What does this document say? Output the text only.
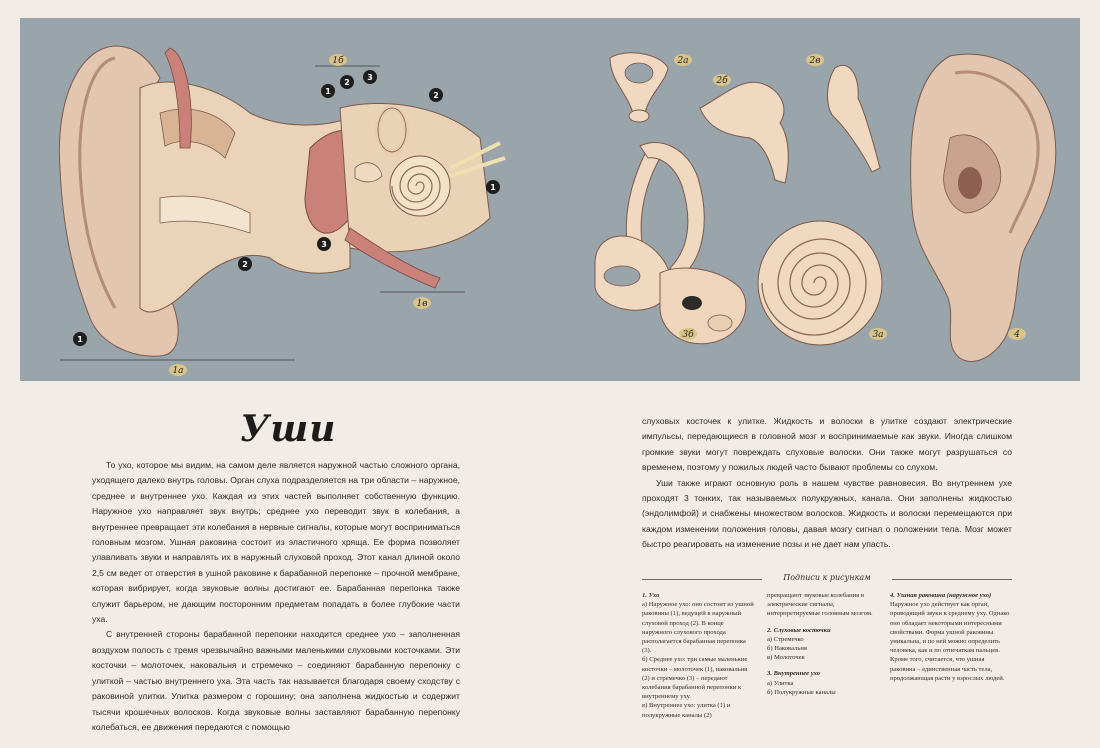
1
1
1
2
2
2
3
3
1a
1б
1в
2а
2б
2в
3б	3а	4
Уши

То ухо, которое мы видим, на самом деле является наружной частью сложного органа, уходящего далеко внутрь головы. Орган слуха подразделяется на три области – наружное, среднее и внутреннее ухо. Каждая из этих частей выполняет собственную функцию. Наружное ухо направляет звук внутрь; среднее ухо переводит звук в колебания, а внутреннее превращает эти колебания в нервные сигналы, которые могут восприниматься головным мозгом. Ушная раковина состоит из эластичного хряща. Ее форма позволяет улавливать звуки и направлять их в наружный слуховой проход. Этот канал длиной около 2,5 см ведет от отверстия в ушной раковине к барабанной перепонке – прочной мембране, которая вибрирует, когда звуковые волны достигают ее. Барабанная перепонка также служит барьером, не дающим посторонним предметам попадать в более глубокие части уха.

С внутренней стороны барабанной перепонки находится среднее ухо – заполненная воздухом полость с тремя чрезвычайно важными маленькими слуховыми косточками. Эти косточки – молоточек, наковальня и стремечко – соединяют барабанную перепонку с улиткой – частью внутреннего уха. Эта часть так называется благодаря своему сходству с раковиной улитки. Улитка размером с горошину; она заполнена жидкостью и содержит тысячи крошечных волосков. Когда звуковые волны заставляют барабанную перепонку колебаться, ее движения передаются с помощью

слуховых косточек к улитке. Жидкость и волоски в улитке создают электрические импульсы, передающиеся в головной мозг и воспринимаемые как звуки. Иногда слишком громкие звуки могут повреждать слуховые волоски. Они также могут разрушаться со временем, поэтому у пожилых людей часто бывают проблемы со слухом.

Уши также играют основную роль в нашем чувстве равновесия. Во внутреннем ухе проходят 3 тонких, так называемых полукружных, канала. Они заполнены жидкостью (эндолимфой) и снабжены множеством волосков. Жидкость и волоски перемещаются при каждом изменении положения головы, давая мозгу сигнал о положении тела. Мозг может быстро реагировать на изменение позы и не дает нам упасть.

Подписи к рисункам
1. Ухо
а) Наружное ухо: оно состоит из ушной раковины (1), ведущей в наружный слуховой проход (2). В конце наружного слухового прохода располагается барабанная перепонка (3).
б) Среднее ухо: три самые маленькие косточки – молоточек (1), наковальня (2) и стремечко (3) – передают колебания барабанной перепонки к внутреннему уху.
в) Внутреннее ухо: улитка (1) и полукружные каналы (2)
превращают звуковые колебания в электрические сигналы, интерпретируемые головным мозгом.
2. Слуховые косточки
а) Стремечко
б) Наковальня
в) Молоточек
3. Внутреннее ухо
а) Улитка
б) Полукружные каналы
4. Ушная раковина (наружное ухо)
Наружное ухо действует как орган, проводящий звуки к среднему уху. Однако оно обладает некоторыми интересными свойствами. Форма ушной раковины уникальна, и по ней можно определить человека, как и по отпечаткам пальцев. Кроме того, считается, что ушная раковина – единственная часть тела, продолжающая расти у взрослых людей.
